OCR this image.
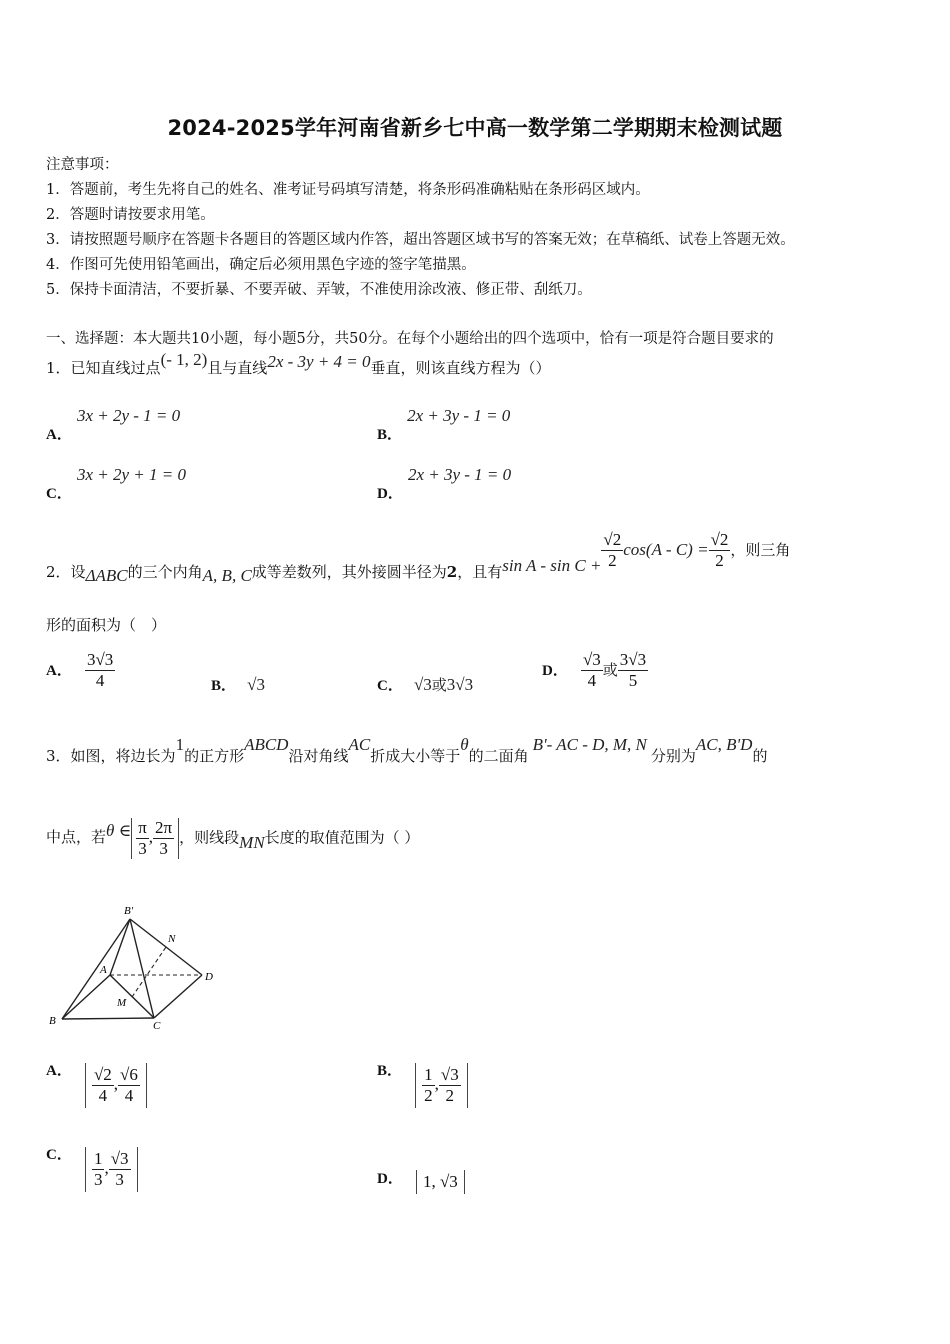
2024-2025学年河南省新乡七中高一数学第二学期期末检测试题
注意事项：
1．答题前，考生先将自己的姓名、准考证号码填写清楚，将条形码准确粘贴在条形码区域内。
2．答题时请按要求用笔。
3．请按照题号顺序在答题卡各题目的答题区域内作答，超出答题区域书写的答案无效；在草稿纸、试卷上答题无效。
4．作图可先使用铅笔画出，确定后必须用黑色字迹的签字笔描黑。
5．保持卡面清洁，不要折暴、不要弄破、弄皱，不准使用涂改液、修正带、刮纸刀。
一、选择题：本大题共10小题，每小题5分，共50分。在每个小题给出的四个选项中，恰有一项是符合题目要求的
1．已知直线过点(- 1, 2)且与直线2x - 3y + 4 = 0垂直，则该直线方程为（）
A． 3x + 2y - 1 = 0
B． 2x + 3y - 1 = 0
C． 3x + 2y + 1 = 0
D． 2x + 3y - 1 = 0
2．设ΔABC的三个内角A, B, C成等差数列，其外接圆半径为2，且有$\sin A - \sin C + \frac{√2}{2} \cos(A - C) = \frac{√2}{2}$ ，则三角
形的面积为（　）
A． $\frac{3√3}{4}$	B． √3	C． √3或3√3
D． $\frac{√3}{4}$ 或 $\frac{3√3}{5}$
3．如图，将边长为1的正方形ABCD沿对角线AC折成大小等于θ的二面角B'- AC - D, M, N分别为AC, B'D的
中点，若θ ∈ $\frac{\pi}{3}$ , $\frac{2\pi}{3}$ ，则线段MN长度的取值范围为（ ）
B'
N
A
D
M
B	C
A． $\frac{√2}{4}$ , $\frac{√6}{4}$	B． $\frac{1}{2}$ , $\frac{√3}{2}$
C． $\frac{1}{3}$ , $\frac{√3}{3}$	D． 1, √3
